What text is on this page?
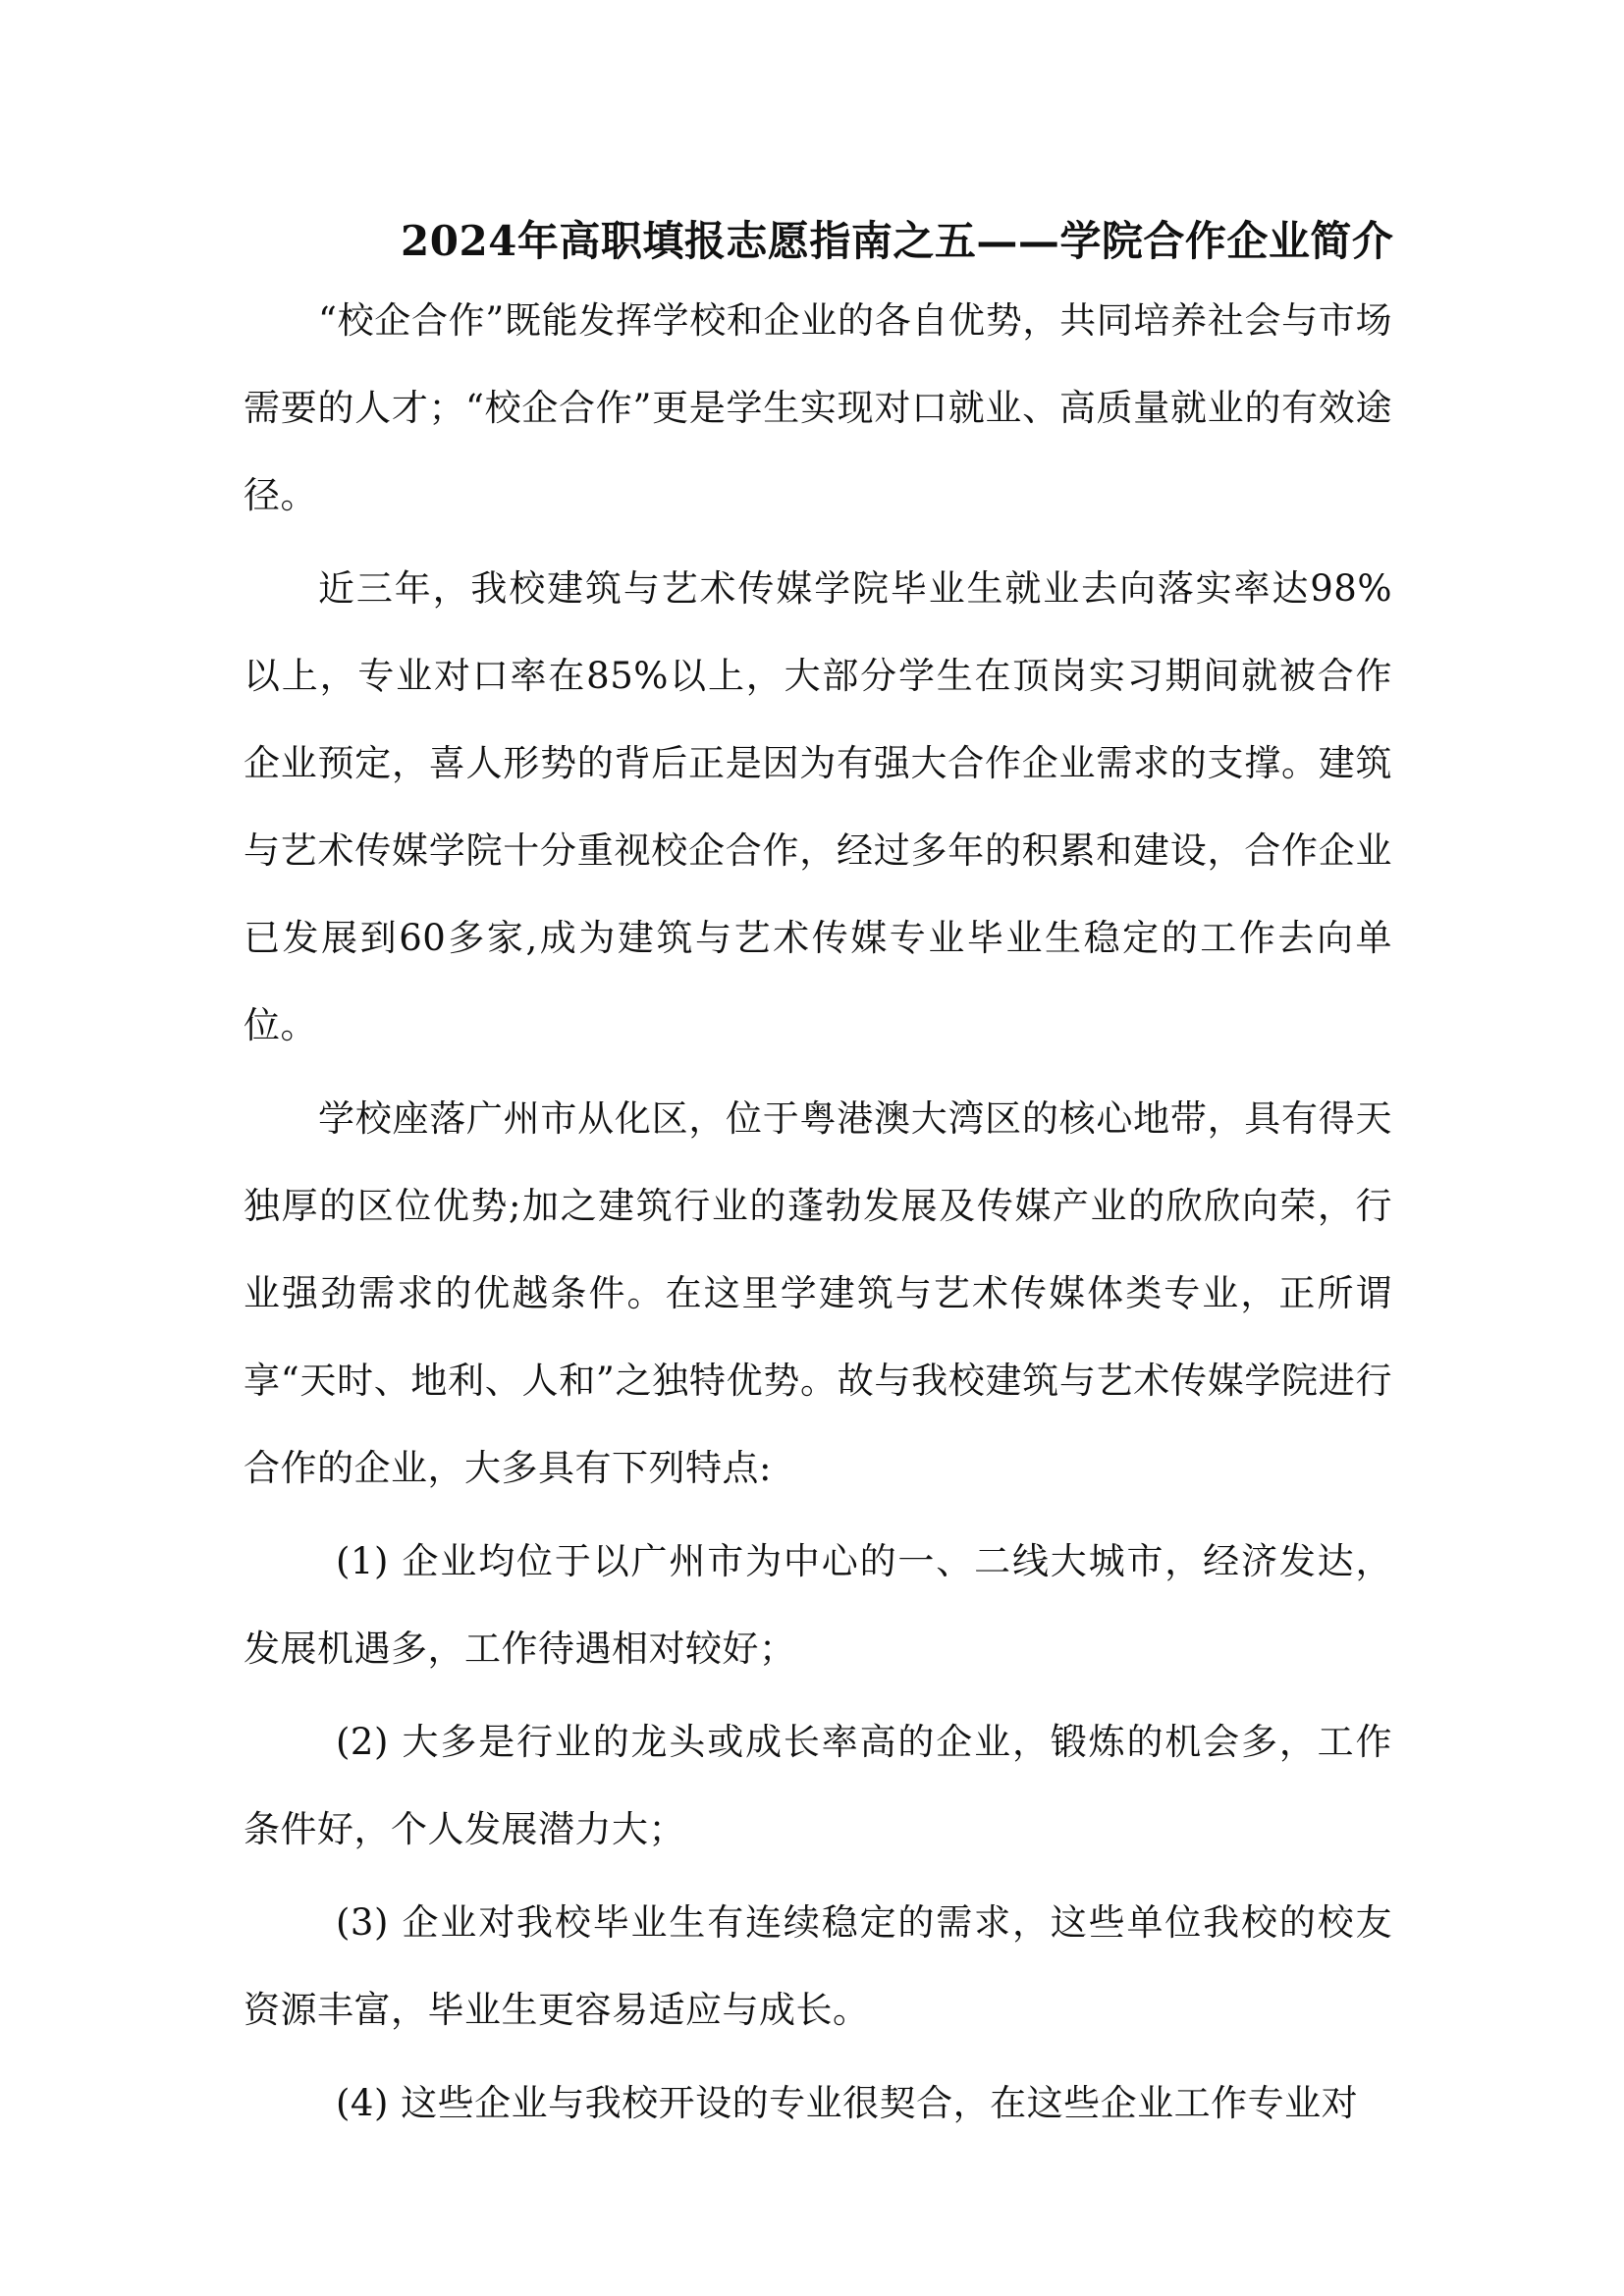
2024年高职填报志愿指南之五——学院合作企业简介

“校企合作”既能发挥学校和企业的各自优势，共同培养社会与市场需要的人才；“校企合作”更是学生实现对口就业、高质量就业的有效途径。

近三年，我校建筑与艺术传媒学院毕业生就业去向落实率达98%以上，专业对口率在85%以上，大部分学生在顶岗实习期间就被合作企业预定，喜人形势的背后正是因为有强大合作企业需求的支撑。建筑与艺术传媒学院十分重视校企合作，经过多年的积累和建设，合作企业已发展到60多家,成为建筑与艺术传媒专业毕业生稳定的工作去向单位。

学校座落广州市从化区，位于粤港澳大湾区的核心地带，具有得天独厚的区位优势;加之建筑行业的蓬勃发展及传媒产业的欣欣向荣，行业强劲需求的优越条件。在这里学建筑与艺术传媒体类专业，正所谓享“天时、地利、人和”之独特优势。故与我校建筑与艺术传媒学院进行合作的企业，大多具有下列特点:

(1) 企业均位于以广州市为中心的一、二线大城市，经济发达，发展机遇多，工作待遇相对较好；

(2) 大多是行业的龙头或成长率高的企业，锻炼的机会多，工作条件好，个人发展潜力大；

(3) 企业对我校毕业生有连续稳定的需求，这些单位我校的校友资源丰富，毕业生更容易适应与成长。

(4) 这些企业与我校开设的专业很契合，在这些企业工作专业对
